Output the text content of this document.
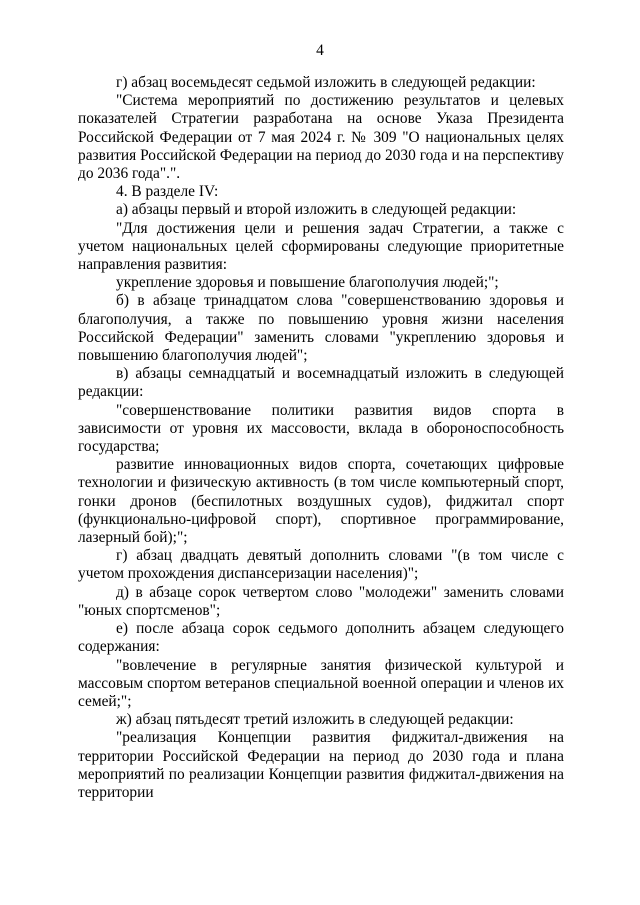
4

г) абзац восемьдесят седьмой изложить в следующей редакции:

"Система мероприятий по достижению результатов и целевых показателей Стратегии разработана на основе Указа Президента Российской Федерации от 7 мая 2024 г. № 309 "О национальных целях развития Российской Федерации на период до 2030 года и на перспективу до 2036 года".".

4. В разделе IV:

а) абзацы первый и второй изложить в следующей редакции:

"Для достижения цели и решения задач Стратегии, а также с учетом национальных целей сформированы следующие приоритетные направления развития:

укрепление здоровья и повышение благополучия людей;";

б) в абзаце тринадцатом слова "совершенствованию здоровья и благополучия, а также по повышению уровня жизни населения Российской Федерации" заменить словами "укреплению здоровья и повышению благополучия людей";

в) абзацы семнадцатый и восемнадцатый изложить в следующей редакции:

"совершенствование политики развития видов спорта в зависимости от уровня их массовости, вклада в обороноспособность государства;

развитие инновационных видов спорта, сочетающих цифровые технологии и физическую активность (в том числе компьютерный спорт, гонки дронов (беспилотных воздушных судов), фиджитал спорт (функционально-цифровой спорт), спортивное программирование, лазерный бой);";

г) абзац двадцать девятый дополнить словами "(в том числе с учетом прохождения диспансеризации населения)";

д) в абзаце сорок четвертом слово "молодежи" заменить словами "юных спортсменов";

е) после абзаца сорок седьмого дополнить абзацем следующего содержания:

"вовлечение в регулярные занятия физической культурой и массовым спортом ветеранов специальной военной операции и членов их семей;";

ж) абзац пятьдесят третий изложить в следующей редакции:

"реализация Концепции развития фиджитал-движения на территории Российской Федерации на период до 2030 года и плана мероприятий по реализации Концепции развития фиджитал-движения на территории
